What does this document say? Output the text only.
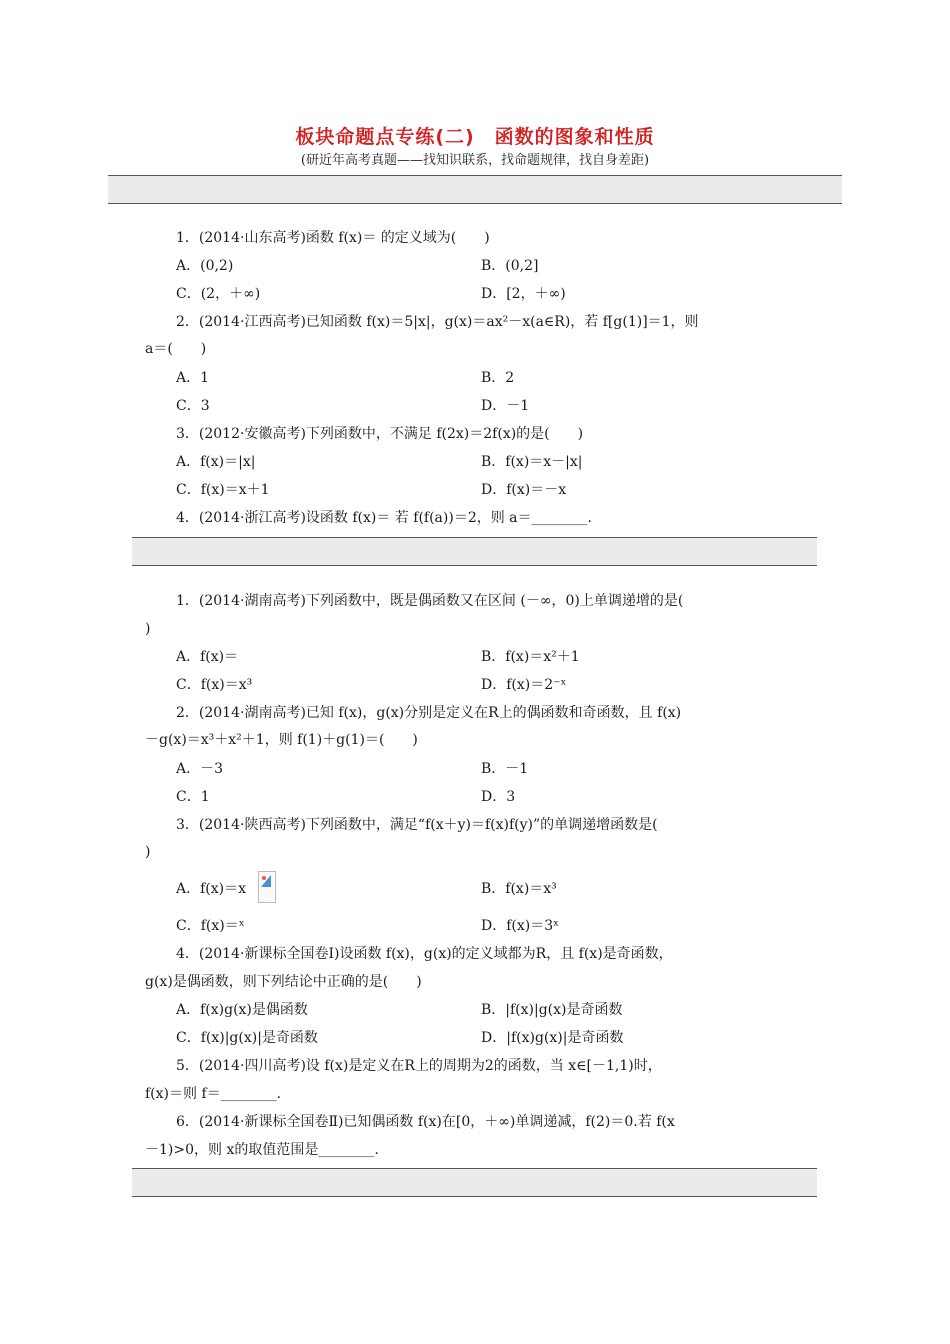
板块命题点专练(二)　函数的图象和性质
(研近年高考真题——找知识联系，找命题规律，找自身差距)
1．(2014·山东高考)函数 f(x)＝ 的定义域为(　　)
A．(0,2)	B．(0,2]
C．(2，＋∞)	D．[2，＋∞)
2．(2014·江西高考)已知函数 f(x)＝5|x|，g(x)＝ax²－x(a∈R)，若 f[g(1)]＝1，则
a＝(　　)
A．1	B．2
C．3	D．－1
3．(2012·安徽高考)下列函数中，不满足 f(2x)＝2f(x)的是(　　)
A．f(x)＝|x|	B．f(x)＝x－|x|
C．f(x)＝x＋1	D．f(x)＝－x
4．(2014·浙江高考)设函数 f(x)＝ 若 f(f(a))＝2，则 a＝________.
1．(2014·湖南高考)下列函数中，既是偶函数又在区间 (－∞，0)上单调递增的是(
)
A．f(x)＝	B．f(x)＝x²＋1
C．f(x)＝x³	D．f(x)＝2⁻ˣ
2．(2014·湖南高考)已知 f(x)，g(x)分别是定义在R上的偶函数和奇函数，且 f(x)
－g(x)＝x³＋x²＋1，则 f(1)＋g(1)＝(　　)
A．－3	B．－1
C．1	D．3
3．(2014·陕西高考)下列函数中，满足“f(x＋y)＝f(x)f(y)”的单调递增函数是(
)
A．f(x)＝x	B．f(x)＝x³
C．f(x)＝ˣ	D．f(x)＝3ˣ
4．(2014·新课标全国卷Ⅰ)设函数 f(x)，g(x)的定义域都为R，且 f(x)是奇函数，
g(x)是偶函数，则下列结论中正确的是(　　)
A．f(x)g(x)是偶函数	B．|f(x)|g(x)是奇函数
C．f(x)|g(x)|是奇函数	D．|f(x)g(x)|是奇函数
5．(2014·四川高考)设 f(x)是定义在R上的周期为2的函数，当 x∈[－1,1)时，
f(x)＝则 f＝________.
6．(2014·新课标全国卷Ⅱ)已知偶函数 f(x)在[0，＋∞)单调递减，f(2)＝0.若 f(x
－1)>0，则 x的取值范围是________.
